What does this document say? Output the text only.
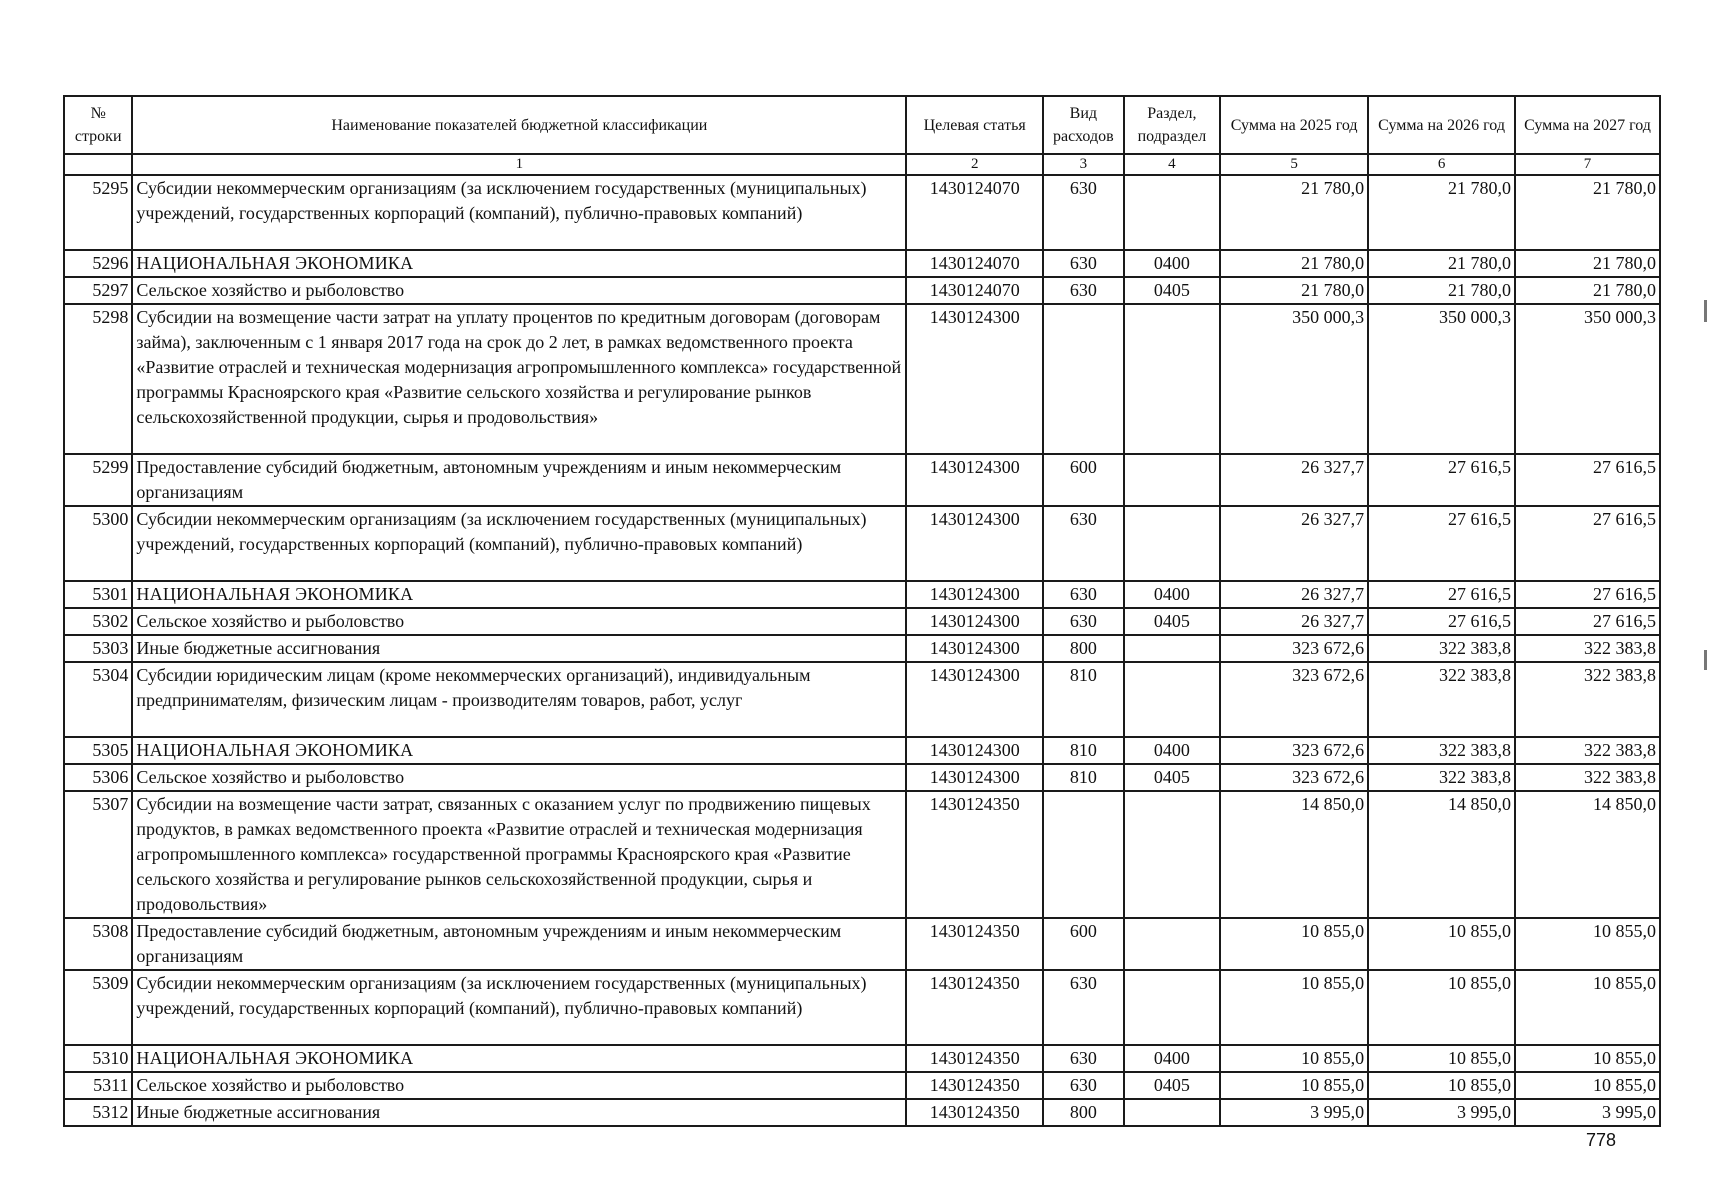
№ строки	Наименование показателей бюджетной классификации	Целевая статья	Вид расходов	Раздел, подраздел	Сумма на 2025 год	Сумма на 2026 год	Сумма на 2027 год
	1	2	3	4	5	6	7
5295	Субсидии некоммерческим организациям (за исключением государственных (муниципальных) учреждений, государственных корпораций (компаний), публично-правовых компаний)	1430124070	630		21 780,0	21 780,0	21 780,0
5296	НАЦИОНАЛЬНАЯ ЭКОНОМИКА	1430124070	630	0400	21 780,0	21 780,0	21 780,0
5297	Сельское хозяйство и рыболовство	1430124070	630	0405	21 780,0	21 780,0	21 780,0
5298	Субсидии на возмещение части затрат на уплату процентов по кредитным договорам (договорам займа), заключенным с 1 января 2017 года на срок до 2 лет, в рамках ведомственного проекта «Развитие отраслей и техническая модернизация агропромышленного комплекса» государственной программы Красноярского края «Развитие сельского хозяйства и регулирование рынков сельскохозяйственной продукции, сырья и продовольствия»	1430124300			350 000,3	350 000,3	350 000,3
5299	Предоставление субсидий бюджетным, автономным учреждениям и иным некоммерческим организациям	1430124300	600		26 327,7	27 616,5	27 616,5
5300	Субсидии некоммерческим организациям (за исключением государственных (муниципальных) учреждений, государственных корпораций (компаний), публично-правовых компаний)	1430124300	630		26 327,7	27 616,5	27 616,5
5301	НАЦИОНАЛЬНАЯ ЭКОНОМИКА	1430124300	630	0400	26 327,7	27 616,5	27 616,5
5302	Сельское хозяйство и рыболовство	1430124300	630	0405	26 327,7	27 616,5	27 616,5
5303	Иные бюджетные ассигнования	1430124300	800		323 672,6	322 383,8	322 383,8
5304	Субсидии юридическим лицам (кроме некоммерческих организаций), индивидуальным предпринимателям, физическим лицам - производителям товаров, работ, услуг	1430124300	810		323 672,6	322 383,8	322 383,8
5305	НАЦИОНАЛЬНАЯ ЭКОНОМИКА	1430124300	810	0400	323 672,6	322 383,8	322 383,8
5306	Сельское хозяйство и рыболовство	1430124300	810	0405	323 672,6	322 383,8	322 383,8
5307	Субсидии на возмещение части затрат, связанных с оказанием услуг по продвижению пищевых продуктов, в рамках ведомственного проекта «Развитие отраслей и техническая модернизация агропромышленного комплекса» государственной программы Красноярского края «Развитие сельского хозяйства и регулирование рынков сельскохозяйственной продукции, сырья и продовольствия»	1430124350			14 850,0	14 850,0	14 850,0
5308	Предоставление субсидий бюджетным, автономным учреждениям и иным некоммерческим организациям	1430124350	600		10 855,0	10 855,0	10 855,0
5309	Субсидии некоммерческим организациям (за исключением государственных (муниципальных) учреждений, государственных корпораций (компаний), публично-правовых компаний)	1430124350	630		10 855,0	10 855,0	10 855,0
5310	НАЦИОНАЛЬНАЯ ЭКОНОМИКА	1430124350	630	0400	10 855,0	10 855,0	10 855,0
5311	Сельское хозяйство и рыболовство	1430124350	630	0405	10 855,0	10 855,0	10 855,0
5312	Иные бюджетные ассигнования	1430124350	800		3 995,0	3 995,0	3 995,0
778
